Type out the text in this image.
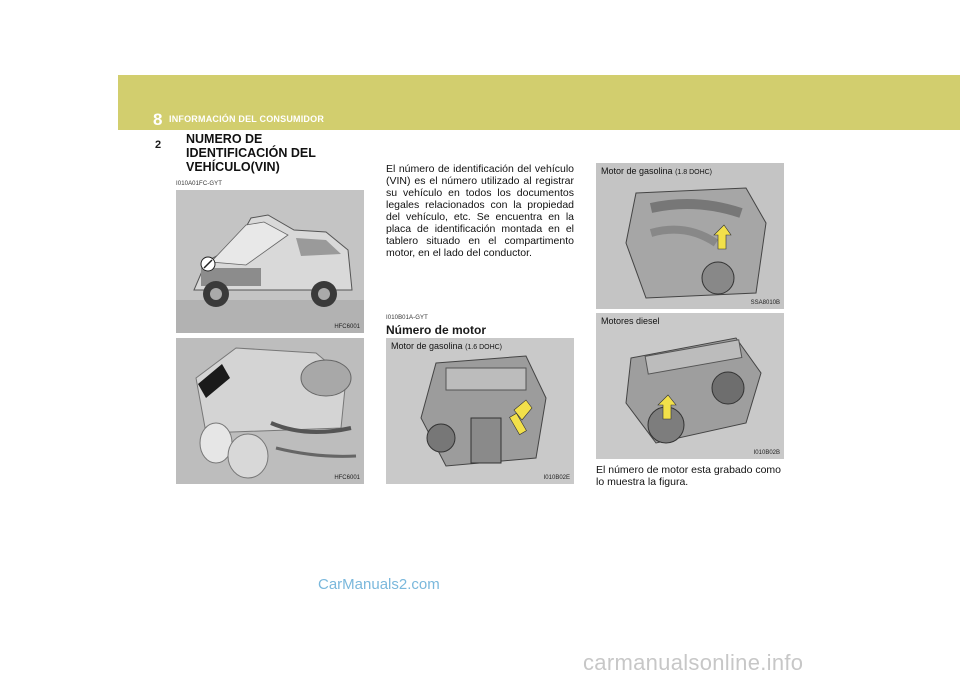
8 INFORMACIÓN DEL CONSUMIDOR
2 NUMERO DE IDENTIFICACIÓN DEL VEHÍCULO(VIN)
I010A01FC-GYT
HFC6001
HFC6001
El número de identificación del vehículo (VIN) es el número utilizado al registrar su vehículo en todos los documentos legales relacionados con la propiedad del vehículo, etc. Se encuentra en la placa de identificación montada en el tablero situado en el compartimento motor, en el lado del conductor.
I010B01A-GYT
Número de motor
Motor de gasolina (1.6 DOHC)
I010B02E
Motor de gasolina (1.8 DOHC)
SSA8010B
Motores diesel
I010B02B
El número de motor esta grabado como lo muestra la figura.
CarManuals2.com
carmanualsonline.info
